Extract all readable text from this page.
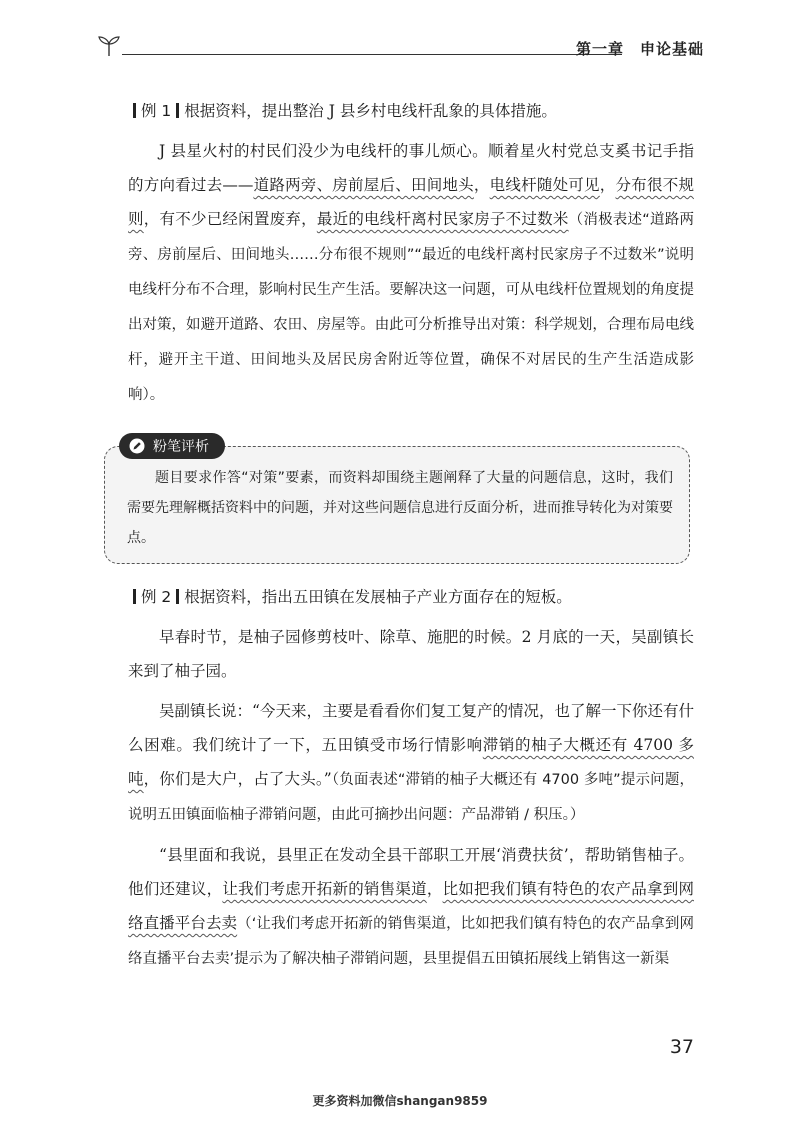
第一章 申论基础

例 1 根据资料，提出整治 J 县乡村电线杆乱象的具体措施。

J 县星火村的村民们没少为电线杆的事儿烦心。顺着星火村党总支奚书记手指的方向看过去——道路两旁、房前屋后、田间地头，电线杆随处可见，分布很不规则，有不少已经闲置废弃，最近的电线杆离村民家房子不过数米（消极表述“道路两旁、房前屋后、田间地头……分布很不规则”“最近的电线杆离村民家房子不过数米”说明电线杆分布不合理，影响村民生产生活。要解决这一问题，可从电线杆位置规划的角度提出对策，如避开道路、农田、房屋等。由此可分析推导出对策：科学规划，合理布局电线杆，避开主干道、田间地头及居民房舍附近等位置，确保不对居民的生产生活造成影响）。

粉笔评析

题目要求作答“对策”要素，而资料却围绕主题阐释了大量的问题信息，这时，我们需要先理解概括资料中的问题，并对这些问题信息进行反面分析，进而推导转化为对策要点。

例 2 根据资料，指出五田镇在发展柚子产业方面存在的短板。

早春时节，是柚子园修剪枝叶、除草、施肥的时候。2 月底的一天，吴副镇长来到了柚子园。

吴副镇长说：“今天来，主要是看看你们复工复产的情况，也了解一下你还有什么困难。我们统计了一下，五田镇受市场行情影响滞销的柚子大概还有 4700 多吨，你们是大户，占了大头。”（负面表述“滞销的柚子大概还有 4700 多吨”提示问题，说明五田镇面临柚子滞销问题，由此可摘抄出问题：产品滞销 / 积压。）

“县里面和我说，县里正在发动全县干部职工开展‘消费扶贫’，帮助销售柚子。他们还建议，让我们考虑开拓新的销售渠道，比如把我们镇有特色的农产品拿到网络直播平台去卖（‘让我们考虑开拓新的销售渠道，比如把我们镇有特色的农产品拿到网络直播平台去卖’提示为了解决柚子滞销问题，县里提倡五田镇拓展线上销售这一新渠

37
更多资料加微信shangan9859
